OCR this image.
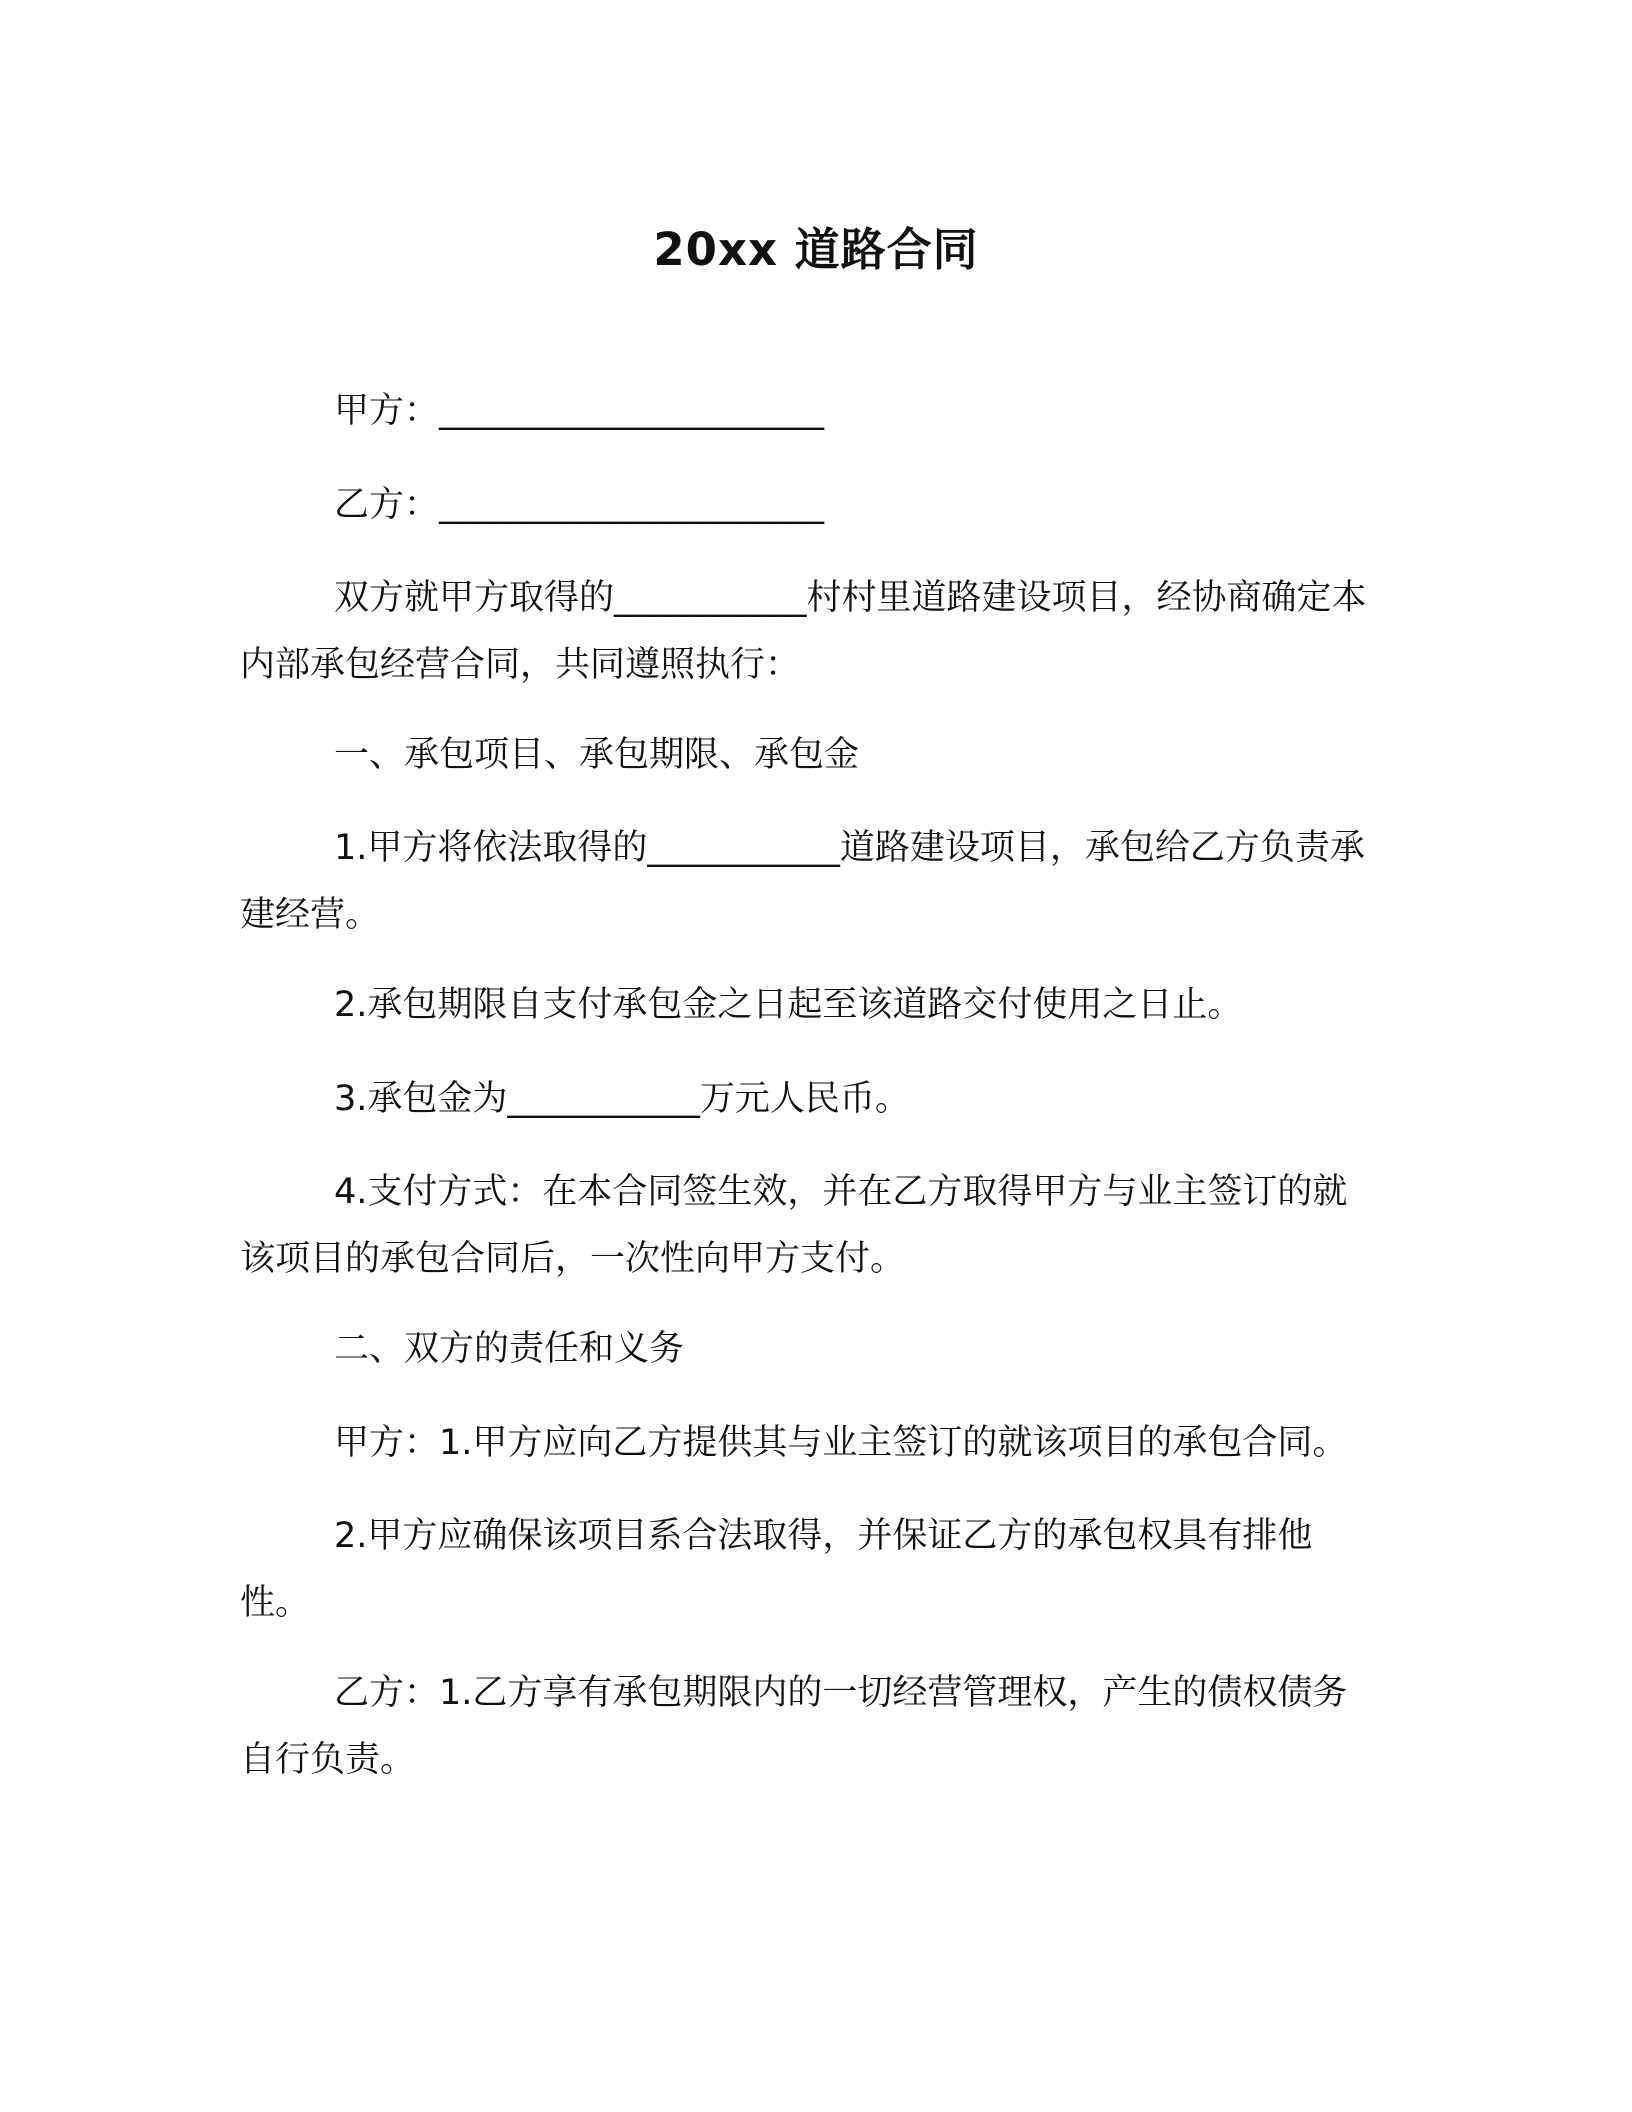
20xx 道路合同

甲方：______________________

乙方：______________________

双方就甲方取得的___________村村里道路建设项目，经协商确定本内部承包经营合同，共同遵照执行：

一、承包项目、承包期限、承包金

1.甲方将依法取得的___________道路建设项目，承包给乙方负责承建经营。

2.承包期限自支付承包金之日起至该道路交付使用之日止。

3.承包金为___________万元人民币。

4.支付方式：在本合同签生效，并在乙方取得甲方与业主签订的就该项目的承包合同后，一次性向甲方支付。

二、双方的责任和义务

甲方：1.甲方应向乙方提供其与业主签订的就该项目的承包合同。

2.甲方应确保该项目系合法取得，并保证乙方的承包权具有排他性。

乙方：1.乙方享有承包期限内的一切经营管理权，产生的债权债务自行负责。
